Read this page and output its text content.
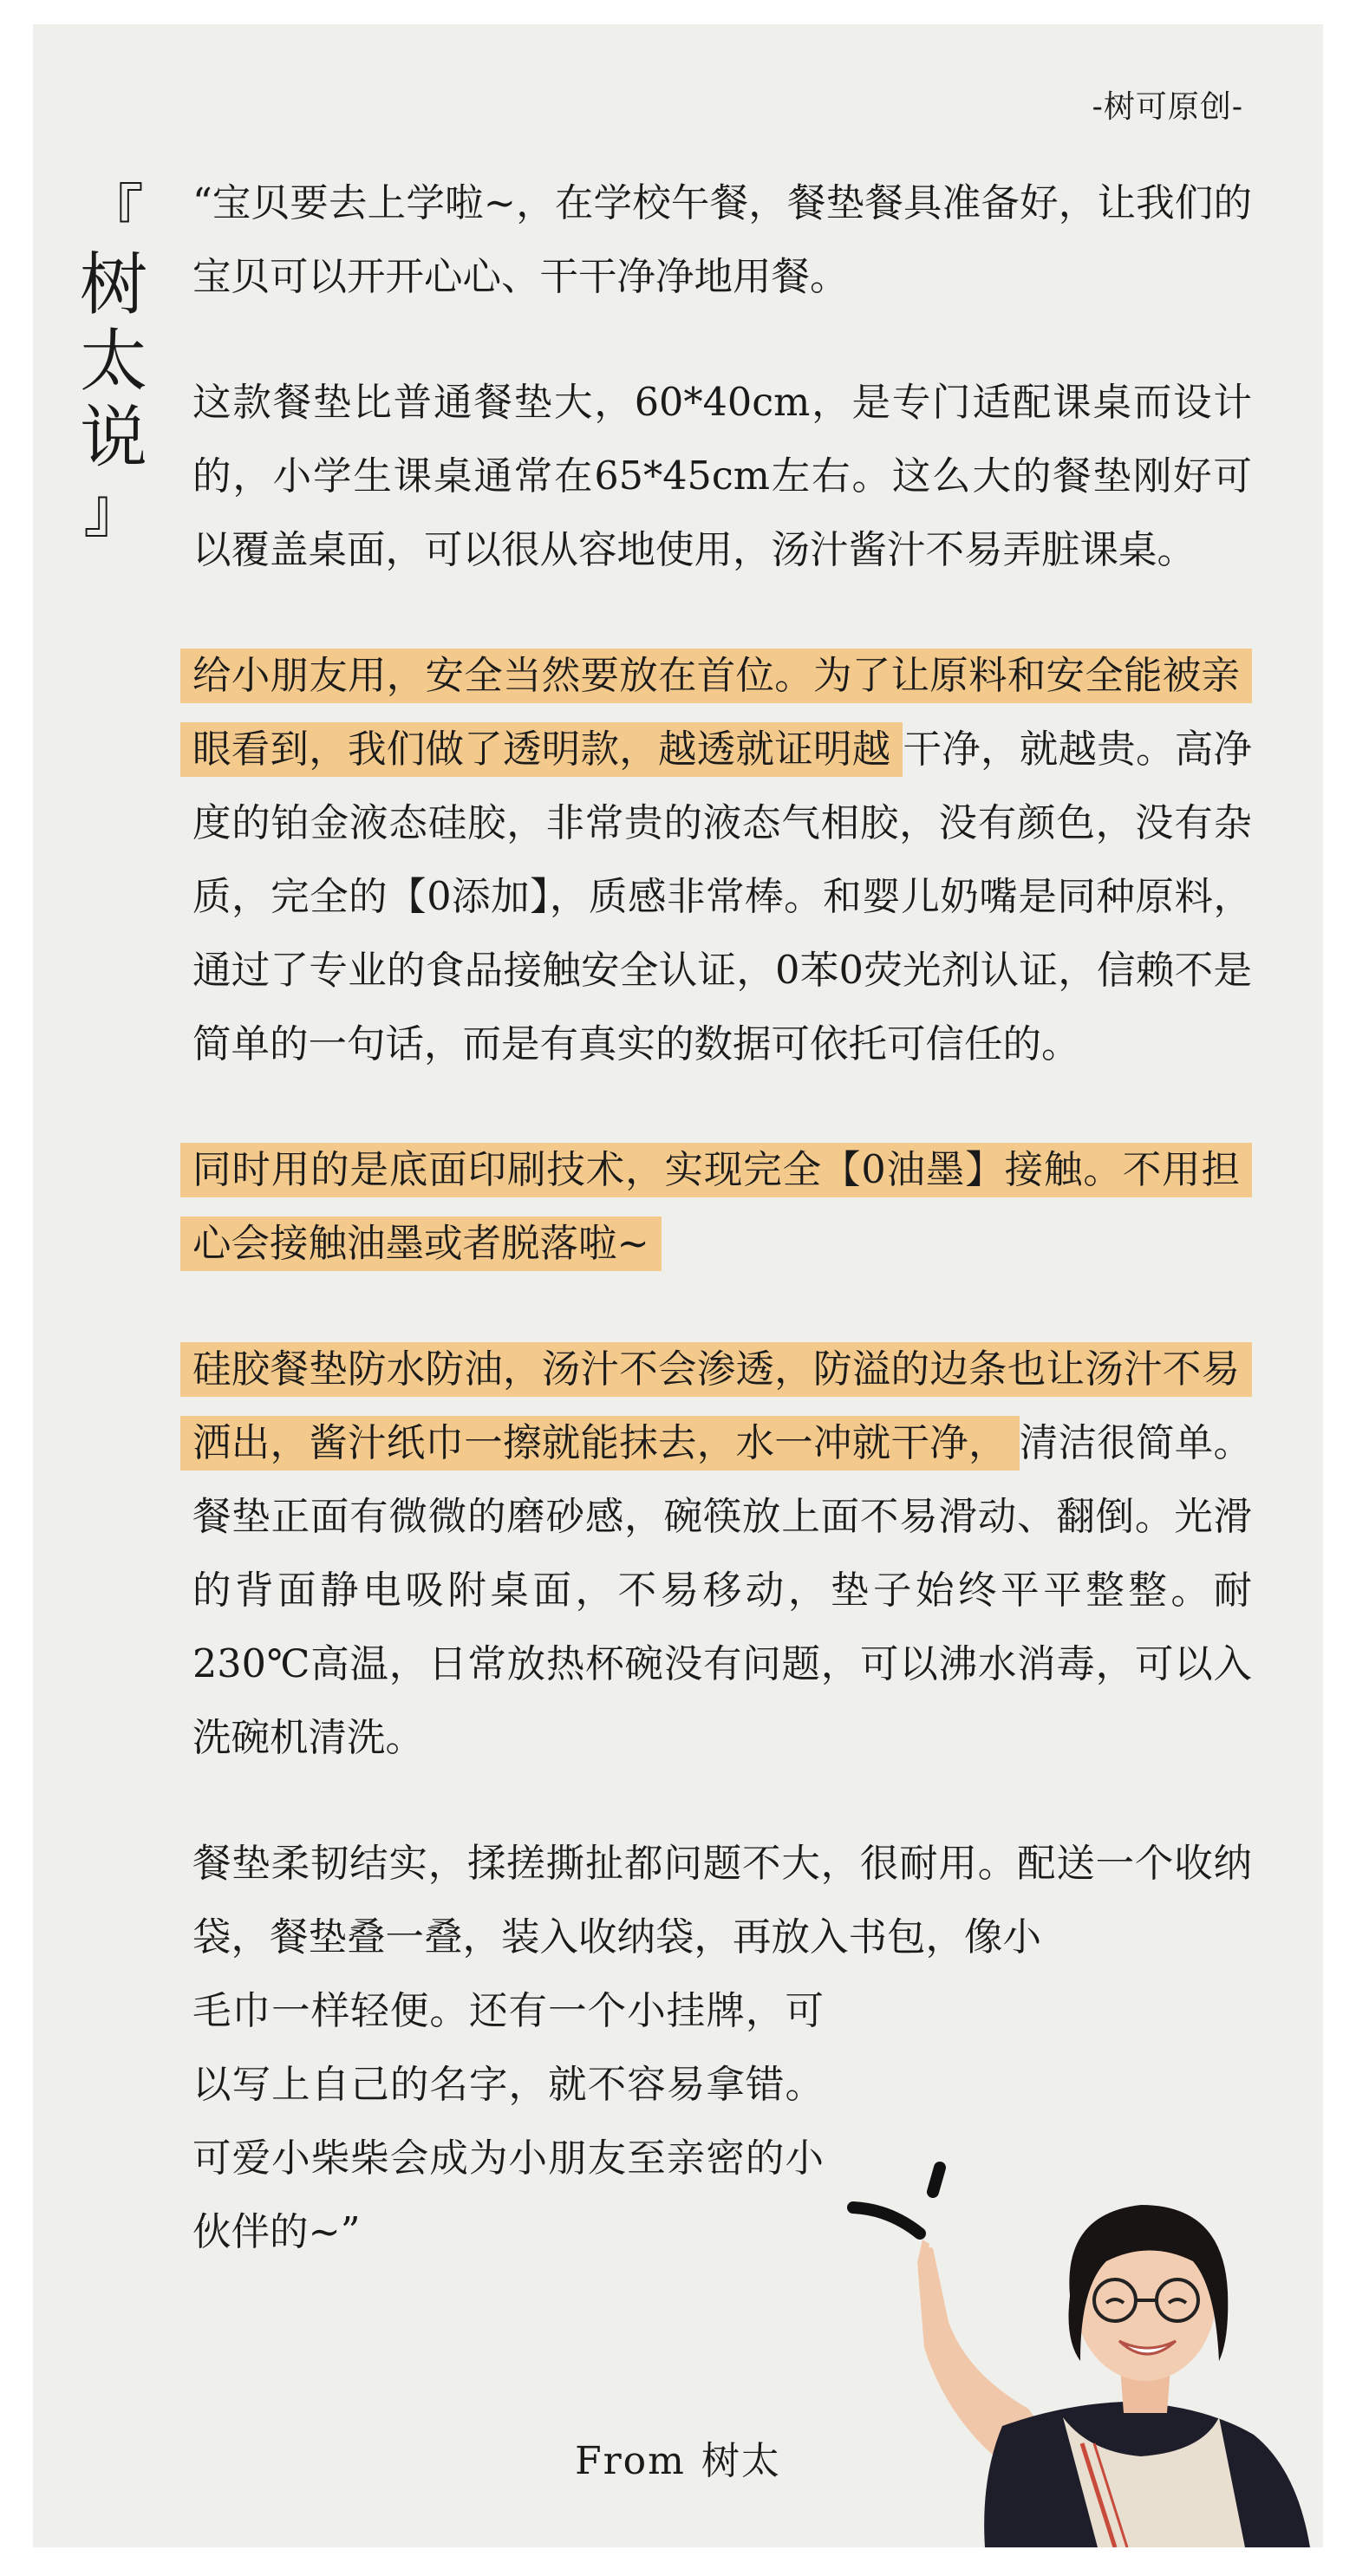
-树可原创-
『
树
太
说
』

“宝贝要去上学啦~，在学校午餐，餐垫餐具准备好，让我们的宝贝可以开开心心、干干净净地用餐。

这款餐垫比普通餐垫大，60*40cm，是专门适配课桌而设计的，小学生课桌通常在65*45cm左右。这么大的餐垫刚好可以覆盖桌面，可以很从容地使用，汤汁酱汁不易弄脏课桌。

给小朋友用，安全当然要放在首位。为了让原料和安全能被亲眼看到，我们做了透明款，越透就证明越 干净，就越贵。高净度的铂金液态硅胶，非常贵的液态气相胶，没有颜色，没有杂质，完全的【0添加】，质感非常棒。和婴儿奶嘴是同种原料，通过了专业的食品接触安全认证，0苯0荧光剂认证，信赖不是简单的一句话，而是有真实的数据可依托可信任的。

同时用的是底面印刷技术，实现完全【0油墨】接触。不用担心会接触油墨或者脱落啦~

硅胶餐垫防水防油，汤汁不会渗透，防溢的边条也让汤汁不易洒出，酱汁纸巾一擦就能抹去，水一冲就干净， 清洁很简单。餐垫正面有微微的磨砂感，碗筷放上面不易滑动、翻倒。光滑的背面静电吸附桌面，不易移动，垫子始终平平整整。耐230℃高温，日常放热杯碗没有问题，可以沸水消毒，可以入洗碗机清洗。

餐垫柔韧结实，揉搓撕扯都问题不大，很耐用。配送一个收纳袋，餐垫叠一叠，装入收纳袋，再放入书包，像小

毛巾一样轻便。还有一个小挂牌，可以写上自己的名字，就不容易拿错。可爱小柴柴会成为小朋友至亲密的小伙伴的~”

From 树太
